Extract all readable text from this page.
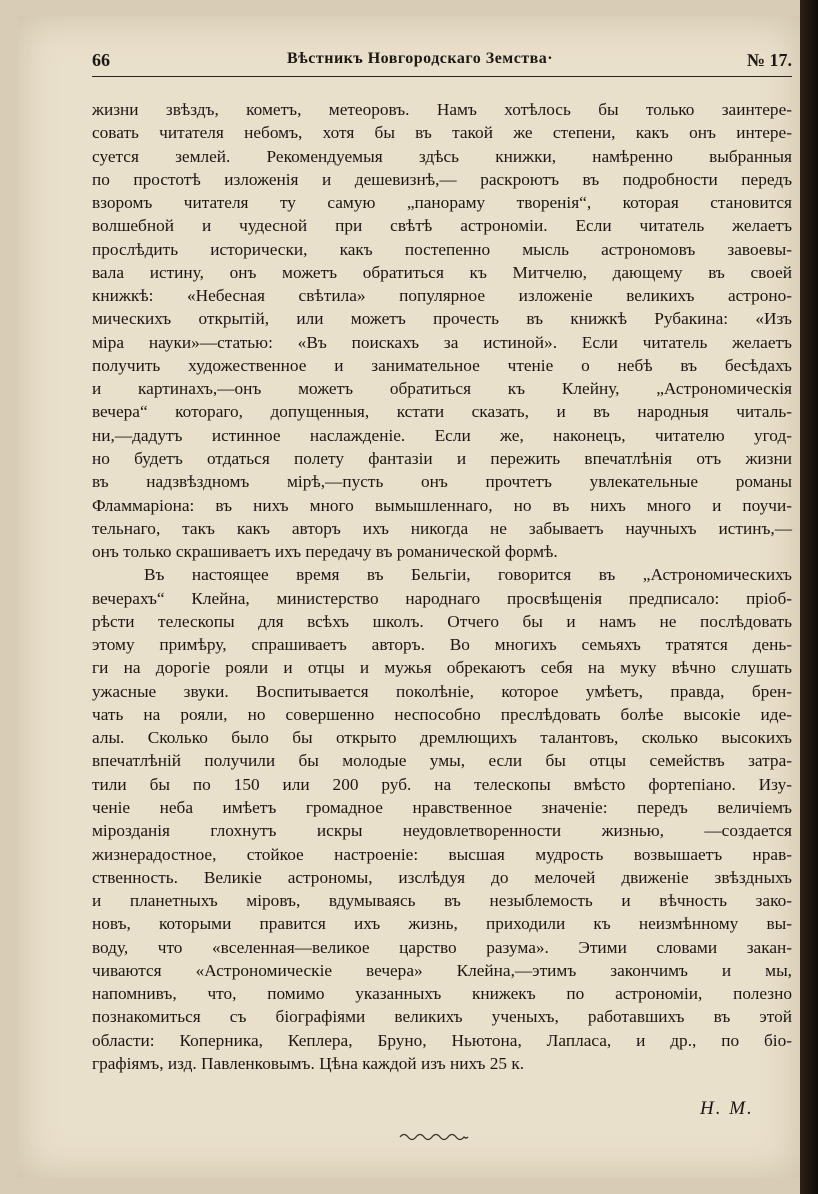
66	Вѣстникъ Новгородскаго Земства·	№ 17.
жизни звѣздъ, кометъ, метеоровъ. Намъ хотѣлось бы только заинтере-
совать читателя небомъ, хотя бы въ такой же степени, какъ онъ интере-
суется землей. Рекомендуемыя здѣсь книжки, намѣренно выбранныя
по простотѣ изложенія и дешевизнѣ,— раскроютъ въ подробности передъ
взоромъ читателя ту самую „панораму творенія“, которая становится
волшебной и чудесной при свѣтѣ астрономіи. Если читатель желаетъ
прослѣдить исторически, какъ постепенно мысль астрономовъ завоевы-
вала истину, онъ можетъ обратиться къ Митчелю, дающему въ своей
книжкѣ: «Небесная свѣтила» популярное изложеніе великихъ астроно-
мическихъ открытій, или можетъ прочесть въ книжкѣ Рубакина: «Изъ
міра науки»—статью: «Въ поискахъ за истиной». Если читатель желаетъ
получить художественное и занимательное чтеніе о небѣ въ бесѣдахъ
и картинахъ,—онъ можетъ обратиться къ Клейну, „Астрономическія
вечера“ котораго, допущенныя, кстати сказать, и въ народныя читаль-
ни,—дадутъ истинное наслажденіе. Если же, наконецъ, читателю угод-
но будетъ отдаться полету фантазіи и пережить впечатлѣнія отъ жизни
въ надзвѣздномъ мірѣ,—пусть онъ прочтетъ увлекательные романы
Фламмаріона: въ нихъ много вымышленнаго, но въ нихъ много и поучи-
тельнаго, такъ какъ авторъ ихъ никогда не забываетъ научныхъ истинъ,—
онъ только скрашиваетъ ихъ передачу въ романической формѣ.
Въ настоящее время въ Бельгіи, говорится въ „Астрономическихъ
вечерахъ“ Клейна, министерство народнаго просвѣщенія предписало: пріоб-
рѣсти телескопы для всѣхъ школъ. Отчего бы и намъ не послѣдовать
этому примѣру, спрашиваетъ авторъ. Во многихъ семьяхъ тратятся день-
ги на дорогіе рояли и отцы и мужья обрекаютъ себя на муку вѣчно слушать
ужасные звуки. Воспитывается поколѣніе, которое умѣетъ, правда, брен-
чать на рояли, но совершенно неспособно преслѣдовать болѣе высокіе иде-
алы. Сколько было бы открыто дремлющихъ талантовъ, сколько высокихъ
впечатлѣній получили бы молодые умы, если бы отцы семействъ затра-
тили бы по 150 или 200 руб. на телескопы вмѣсто фортепіано. Изу-
ченіе неба имѣетъ громадное нравственное значеніе: передъ величіемъ
мірозданія глохнутъ искры неудовлетворенности жизнью, —создается
жизнерадостное, стойкое настроеніе: высшая мудрость возвышаетъ нрав-
ственность. Великіе астрономы, изслѣдуя до мелочей движеніе звѣздныхъ
и планетныхъ міровъ, вдумываясь въ незыблемость и вѣчность зако-
новъ, которыми правится ихъ жизнь, приходили къ неизмѣнному вы-
воду, что «вселенная—великое царство разума». Этими словами закан-
чиваются «Астрономическіе вечера» Клейна,—этимъ закончимъ и мы,
напомнивъ, что, помимо указанныхъ книжекъ по астрономіи, полезно
познакомиться съ біографіями великихъ ученыхъ, работавшихъ въ этой
области: Коперника, Кеплера, Бруно, Ньютона, Лапласа, и др., по біо-
графіямъ, изд. Павленковымъ. Цѣна каждой изъ нихъ 25 к.
Н. М.
